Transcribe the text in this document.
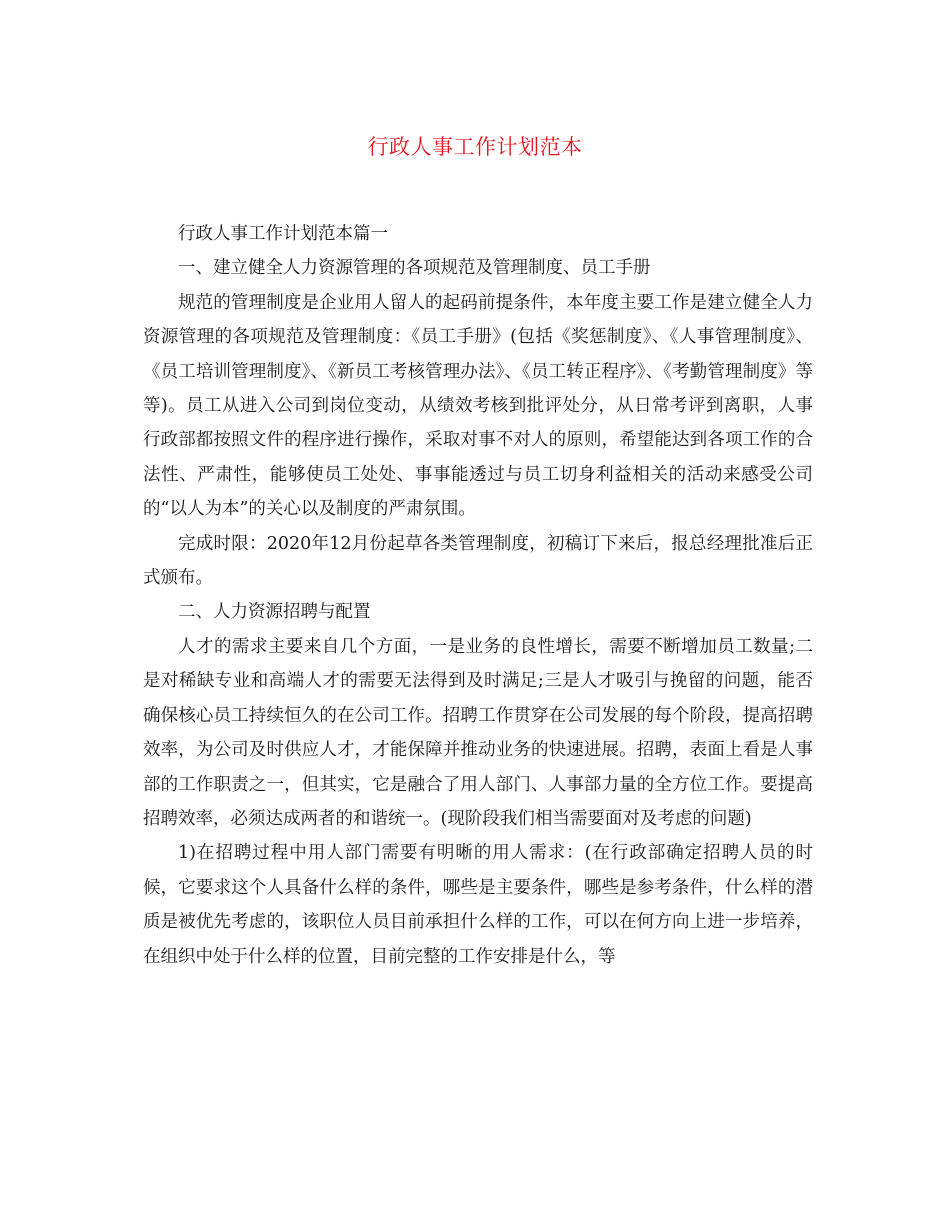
行政人事工作计划范本

行政人事工作计划范本篇一

一、建立健全人力资源管理的各项规范及管理制度、员工手册

规范的管理制度是企业用人留人的起码前提条件，本年度主要工作是建立健全人力资源管理的各项规范及管理制度：《员工手册》(包括《奖惩制度》、《人事管理制度》、《员工培训管理制度》、《新员工考核管理办法》、《员工转正程序》、《考勤管理制度》等等)。员工从进入公司到岗位变动，从绩效考核到批评处分，从日常考评到离职，人事行政部都按照文件的程序进行操作，采取对事不对人的原则，希望能达到各项工作的合法性、严肃性，能够使员工处处、事事能透过与员工切身利益相关的活动来感受公司的“以人为本”的关心以及制度的严肃氛围。

完成时限：2020年12月份起草各类管理制度，初稿订下来后，报总经理批准后正式颁布。

二、人力资源招聘与配置

人才的需求主要来自几个方面，一是业务的良性增长，需要不断增加员工数量;二是对稀缺专业和高端人才的需要无法得到及时满足;三是人才吸引与挽留的问题，能否确保核心员工持续恒久的在公司工作。招聘工作贯穿在公司发展的每个阶段，提高招聘效率，为公司及时供应人才，才能保障并推动业务的快速进展。招聘，表面上看是人事部的工作职责之一，但其实，它是融合了用人部门、人事部力量的全方位工作。要提高招聘效率，必须达成两者的和谐统一。(现阶段我们相当需要面对及考虑的问题)

1)在招聘过程中用人部门需要有明晰的用人需求：(在行政部确定招聘人员的时候，它要求这个人具备什么样的条件，哪些是主要条件，哪些是参考条件，什么样的潜质是被优先考虑的，该职位人员目前承担什么样的工作，可以在何方向上进一步培养，在组织中处于什么样的位置，目前完整的工作安排是什么，等
